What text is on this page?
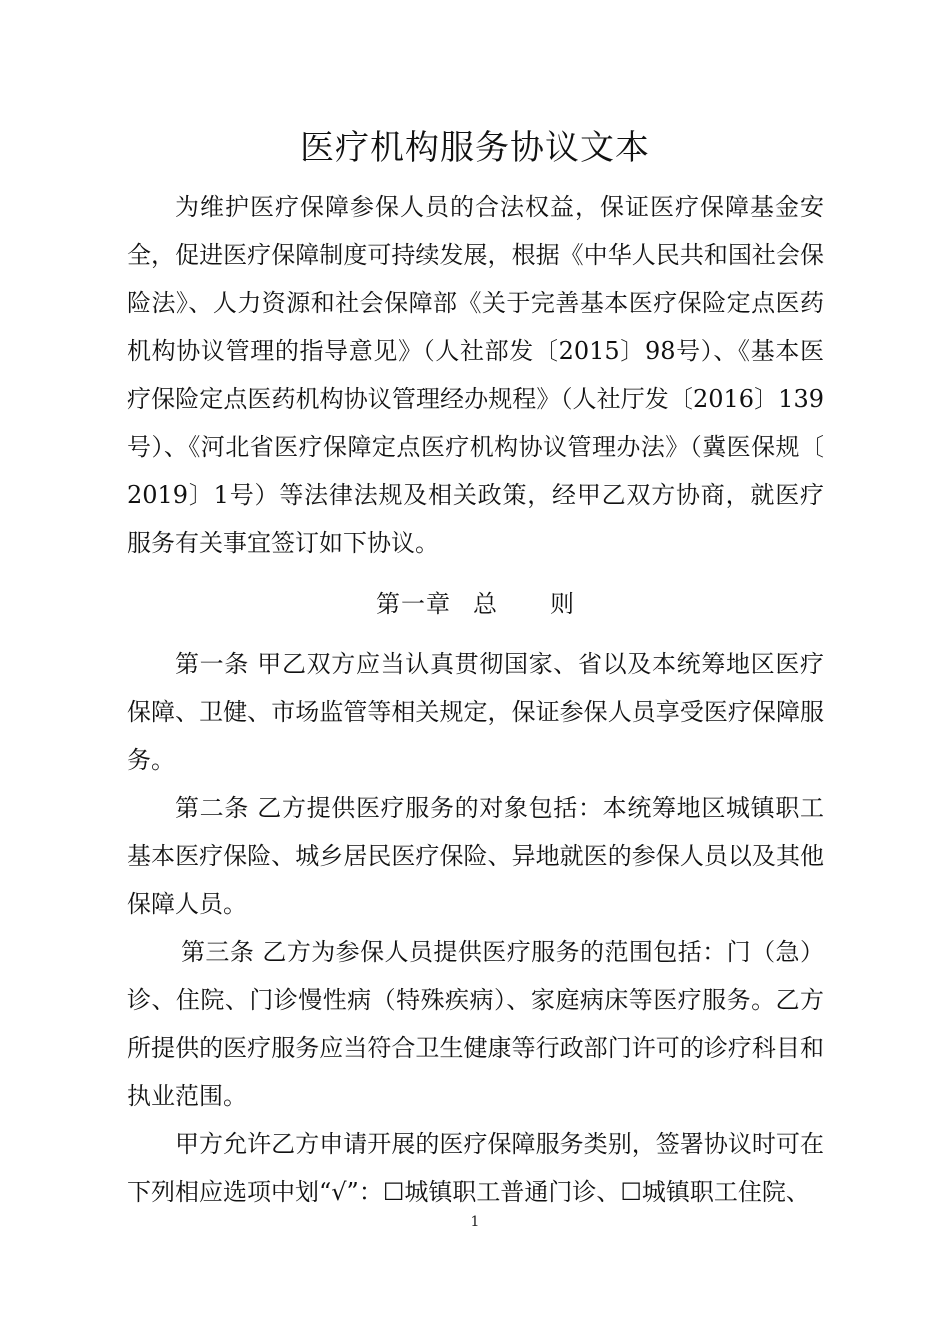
医疗机构服务协议文本

为维护医疗保障参保人员的合法权益，保证医疗保障基金安全，促进医疗保障制度可持续发展，根据《中华人民共和国社会保险法》、人力资源和社会保障部《关于完善基本医疗保险定点医药机构协议管理的指导意见》（人社部发〔2015〕98号）、《基本医疗保险定点医药机构协议管理经办规程》（人社厅发〔2016〕139号）、《河北省医疗保障定点医疗机构协议管理办法》（冀医保规〔 2019〕1号）等法律法规及相关政策，经甲乙双方协商，就医疗服务有关事宜签订如下协议。

第一章 总 则

第一条 甲乙双方应当认真贯彻国家、省以及本统筹地区医疗保障、卫健、市场监管等相关规定，保证参保人员享受医疗保障服务。

第二条 乙方提供医疗服务的对象包括：本统筹地区城镇职工基本医疗保险、城乡居民医疗保险、异地就医的参保人员以及其他保障人员。

第三条 乙方为参保人员提供医疗服务的范围包括：门（急）诊、住院、门诊慢性病（特殊疾病）、家庭病床等医疗服务。乙方所提供的医疗服务应当符合卫生健康等行政部门许可的诊疗科目和执业范围。

甲方允许乙方申请开展的医疗保障服务类别，签署协议时可在下列相应选项中划“√”：☐城镇职工普通门诊、☐城镇职工住院、

1
